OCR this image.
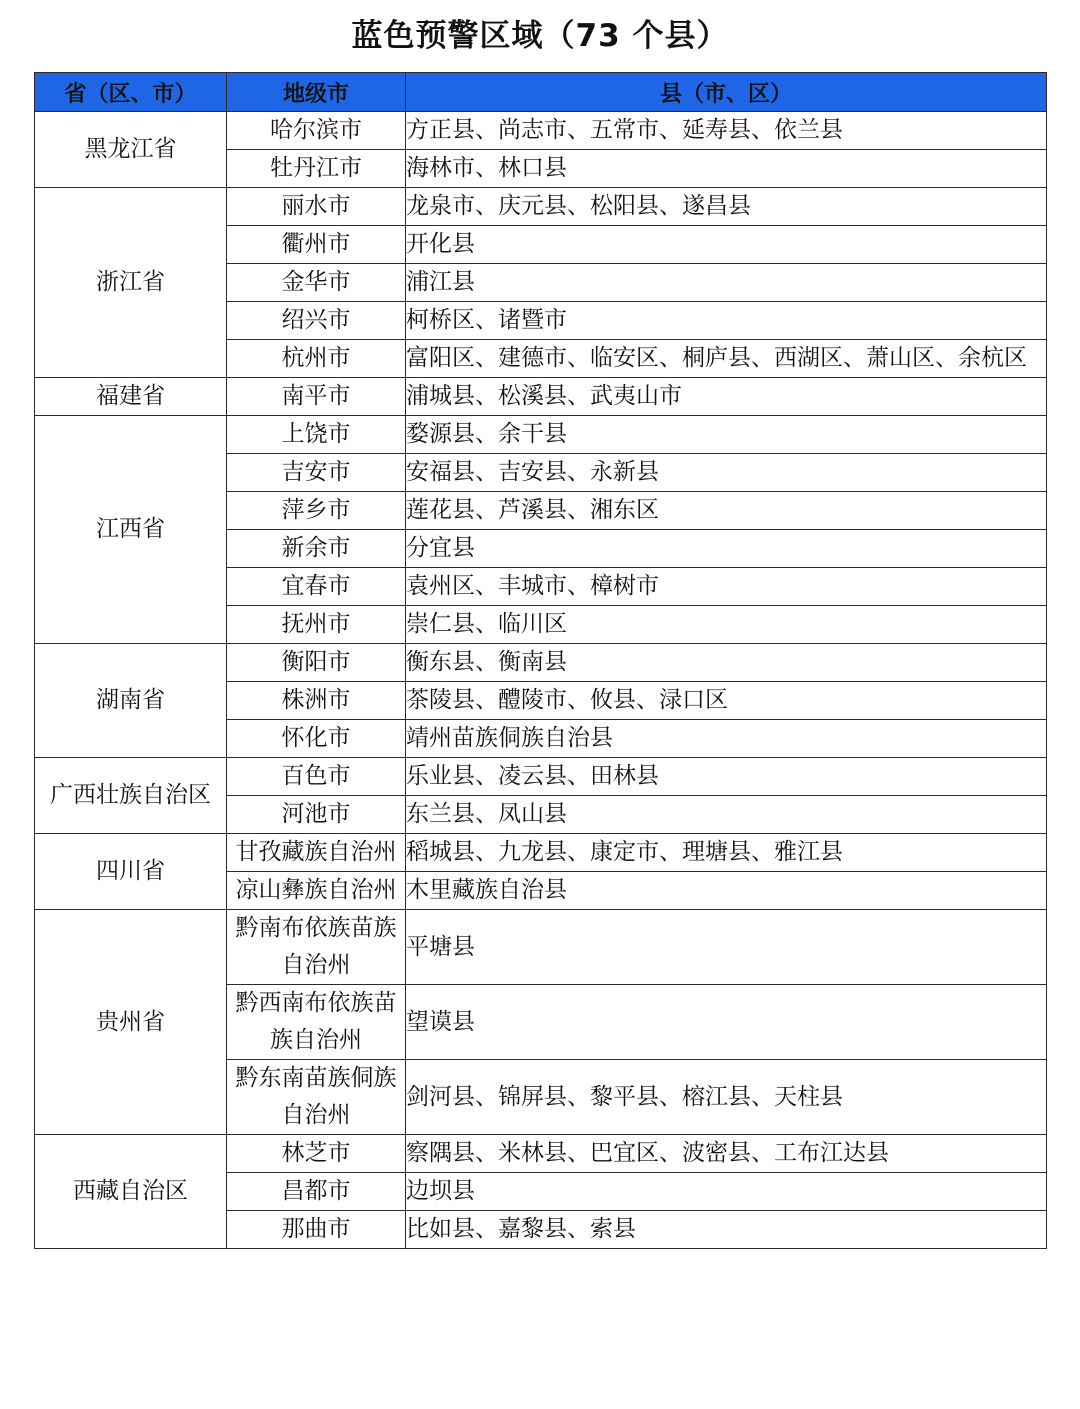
蓝色预警区域（73 个县）
省（区、市）	地级市	县（市、区）
黑龙江省	哈尔滨市	方正县、尚志市、五常市、延寿县、依兰县
	牡丹江市	海林市、林口县
浙江省	丽水市	龙泉市、庆元县、松阳县、遂昌县
	衢州市	开化县
	金华市	浦江县
	绍兴市	柯桥区、诸暨市
	杭州市	富阳区、建德市、临安区、桐庐县、西湖区、萧山区、余杭区
福建省	南平市	浦城县、松溪县、武夷山市
江西省	上饶市	婺源县、余干县
	吉安市	安福县、吉安县、永新县
	萍乡市	莲花县、芦溪县、湘东区
	新余市	分宜县
	宜春市	袁州区、丰城市、樟树市
	抚州市	崇仁县、临川区
湖南省	衡阳市	衡东县、衡南县
	株洲市	茶陵县、醴陵市、攸县、渌口区
	怀化市	靖州苗族侗族自治县
广西壮族自治区	百色市	乐业县、凌云县、田林县
	河池市	东兰县、凤山县
四川省	甘孜藏族自治州	稻城县、九龙县、康定市、理塘县、雅江县
	凉山彝族自治州	木里藏族自治县
贵州省	黔南布依族苗族自治州	平塘县
	黔西南布依族苗族自治州	望谟县
	黔东南苗族侗族自治州	剑河县、锦屏县、黎平县、榕江县、天柱县
西藏自治区	林芝市	察隅县、米林县、巴宜区、波密县、工布江达县
	昌都市	边坝县
	那曲市	比如县、嘉黎县、索县
